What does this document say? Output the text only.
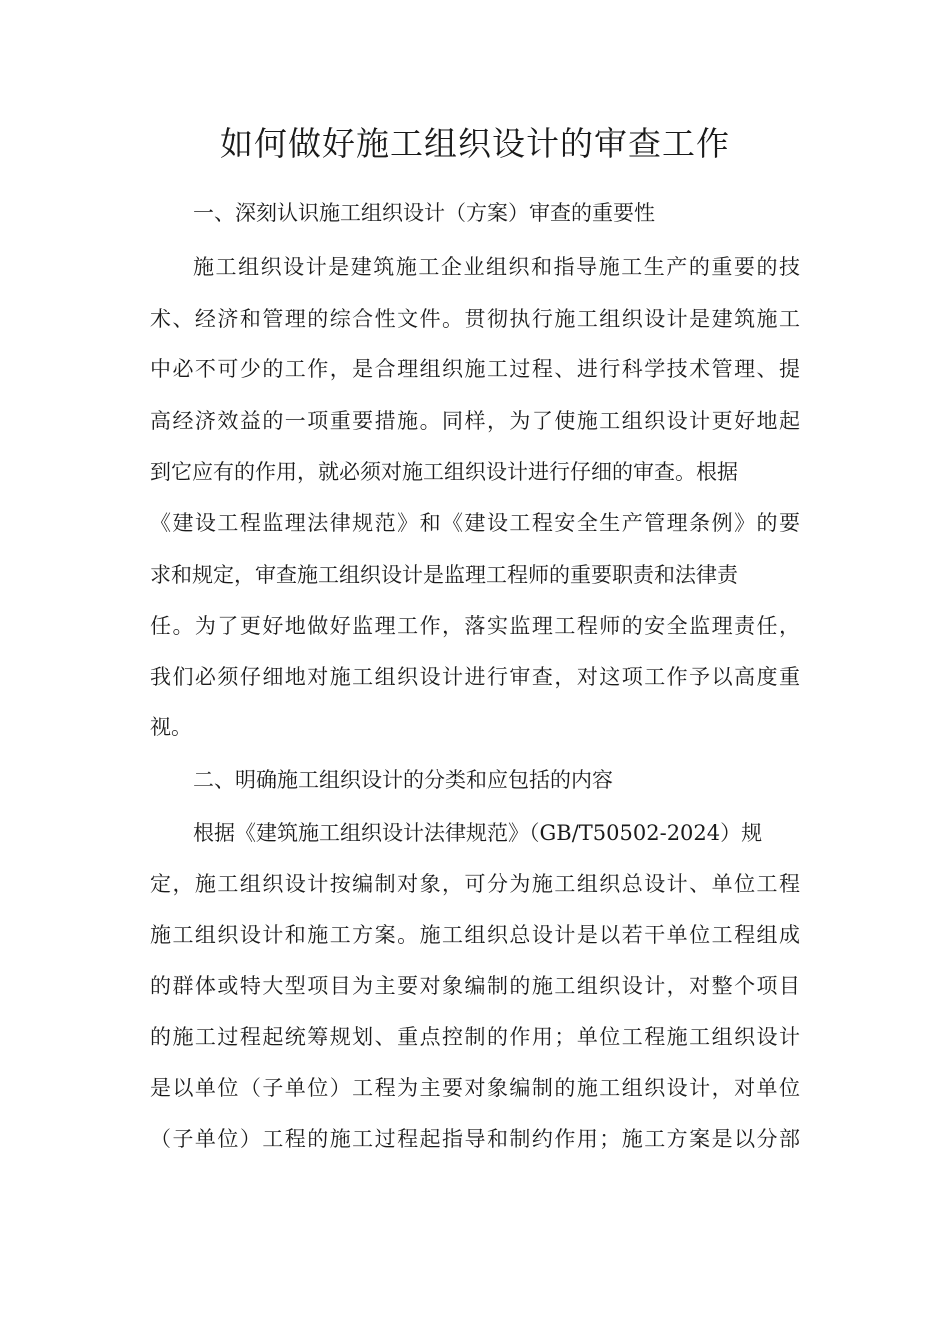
如何做好施工组织设计的审查工作
一、深刻认识施工组织设计（方案）审查的重要性
施工组织设计是建筑施工企业组织和指导施工生产的重要的技
术、经济和管理的综合性文件。贯彻执行施工组织设计是建筑施工
中必不可少的工作，是合理组织施工过程、进行科学技术管理、提
高经济效益的一项重要措施。同样，为了使施工组织设计更好地起
到它应有的作用，就必须对施工组织设计进行仔细的审查。根据
《建设工程监理法律规范》和《建设工程安全生产管理条例》的要
求和规定，审查施工组织设计是监理工程师的重要职责和法律责
任。为了更好地做好监理工作，落实监理工程师的安全监理责任，
我们必须仔细地对施工组织设计进行审查，对这项工作予以高度重
视。
二、明确施工组织设计的分类和应包括的内容
根据《建筑施工组织设计法律规范》（GB/T50502-2024）规
定，施工组织设计按编制对象，可分为施工组织总设计、单位工程
施工组织设计和施工方案。施工组织总设计是以若干单位工程组成
的群体或特大型项目为主要对象编制的施工组织设计，对整个项目
的施工过程起统筹规划、重点控制的作用；单位工程施工组织设计
是以单位（子单位）工程为主要对象编制的施工组织设计，对单位
（子单位）工程的施工过程起指导和制约作用；施工方案是以分部
